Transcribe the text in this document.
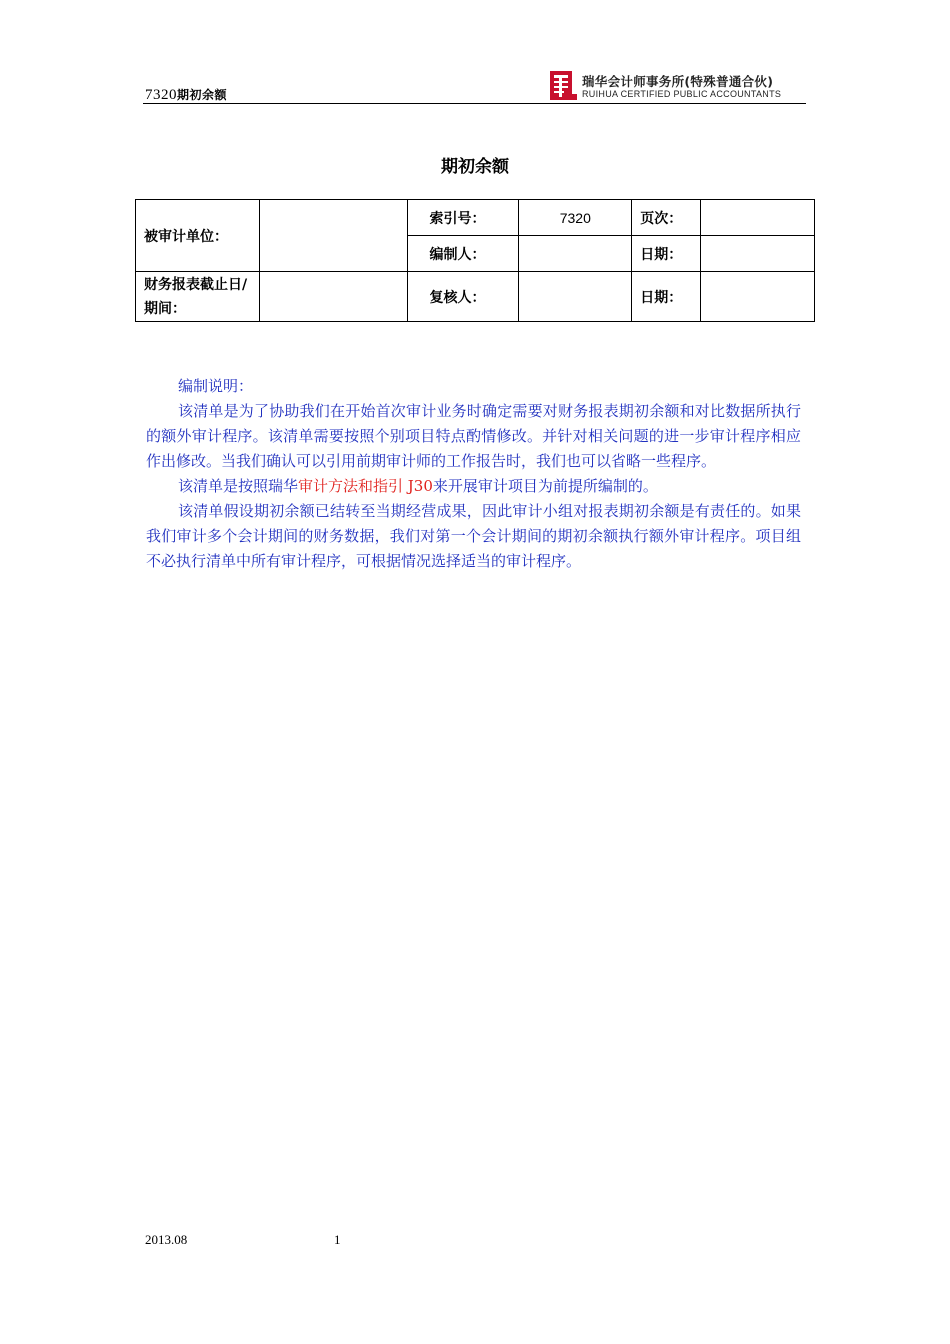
7320期初余额
瑞华会计师事务所(特殊普通合伙)
RUIHUA CERTIFIED PUBLIC ACCOUNTANTS
期初余额
被审计单位：		索引号：	7320	页次：	
		编制人：		日期：	
财务报表截止日/期间：		复核人：		日期：	

编制说明：

该清单是为了协助我们在开始首次审计业务时确定需要对财务报表期初余额和对比数据所执行的额外审计程序。该清单需要按照个别项目特点酌情修改。并针对相关问题的进一步审计程序相应作出修改。当我们确认可以引用前期审计师的工作报告时，我们也可以省略一些程序。

该清单是按照瑞华审计方法和指引 J30来开展审计项目为前提所编制的。

该清单假设期初余额已结转至当期经营成果，因此审计小组对报表期初余额是有责任的。如果我们审计多个会计期间的财务数据，我们对第一个会计期间的期初余额执行额外审计程序。项目组不必执行清单中所有审计程序，可根据情况选择适当的审计程序。

2013.08	1
